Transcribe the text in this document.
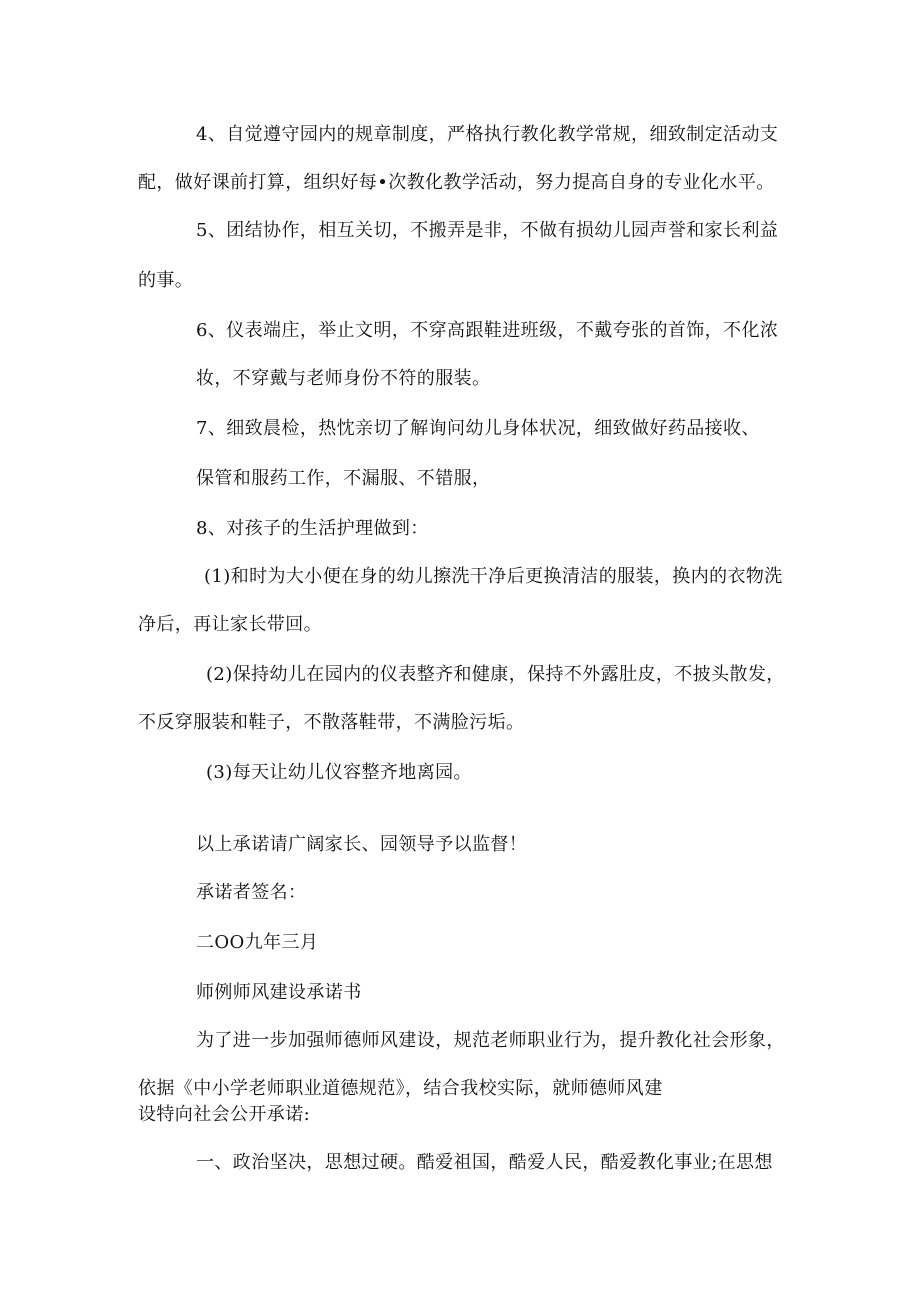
4、自觉遵守园内的规章制度，严格执行教化教学常规，细致制定活动支
配，做好课前打算，组织好每•次教化教学活动，努力提高自身的专业化水平。
5、团结协作，相互关切，不搬弄是非，不做有损幼儿园声誉和家长利益
的事。
6、仪表端庄，举止文明，不穿高跟鞋进班级，不戴夸张的首饰，不化浓
妆，不穿戴与老师身份不符的服装。
7、细致晨检，热忱亲切了解询问幼儿身体状况，细致做好药品接收、
保管和服药工作，不漏服、不错服，
8、对孩子的生活护理做到：
(1)和时为大小便在身的幼儿擦洗干净后更换清洁的服装，换内的衣物洗
净后，再让家长带回。
(2)保持幼儿在园内的仪表整齐和健康，保持不外露肚皮，不披头散发，
不反穿服装和鞋子，不散落鞋带，不满脸污垢。
(3)每天让幼儿仪容整齐地离园。
以上承诺请广阔家长、园领导予以监督！
承诺者签名：
二OO九年三月
师例师风建设承诺书
为了进一步加强师德师风建设，规范老师职业行为，提升教化社会形象，
依据《中小学老师职业道德规范》，结合我校实际，就师德师风建
设特向社会公开承诺:
一、政治坚决，思想过硬。酷爱祖国，酷爱人民，酷爱教化事业;在思想
